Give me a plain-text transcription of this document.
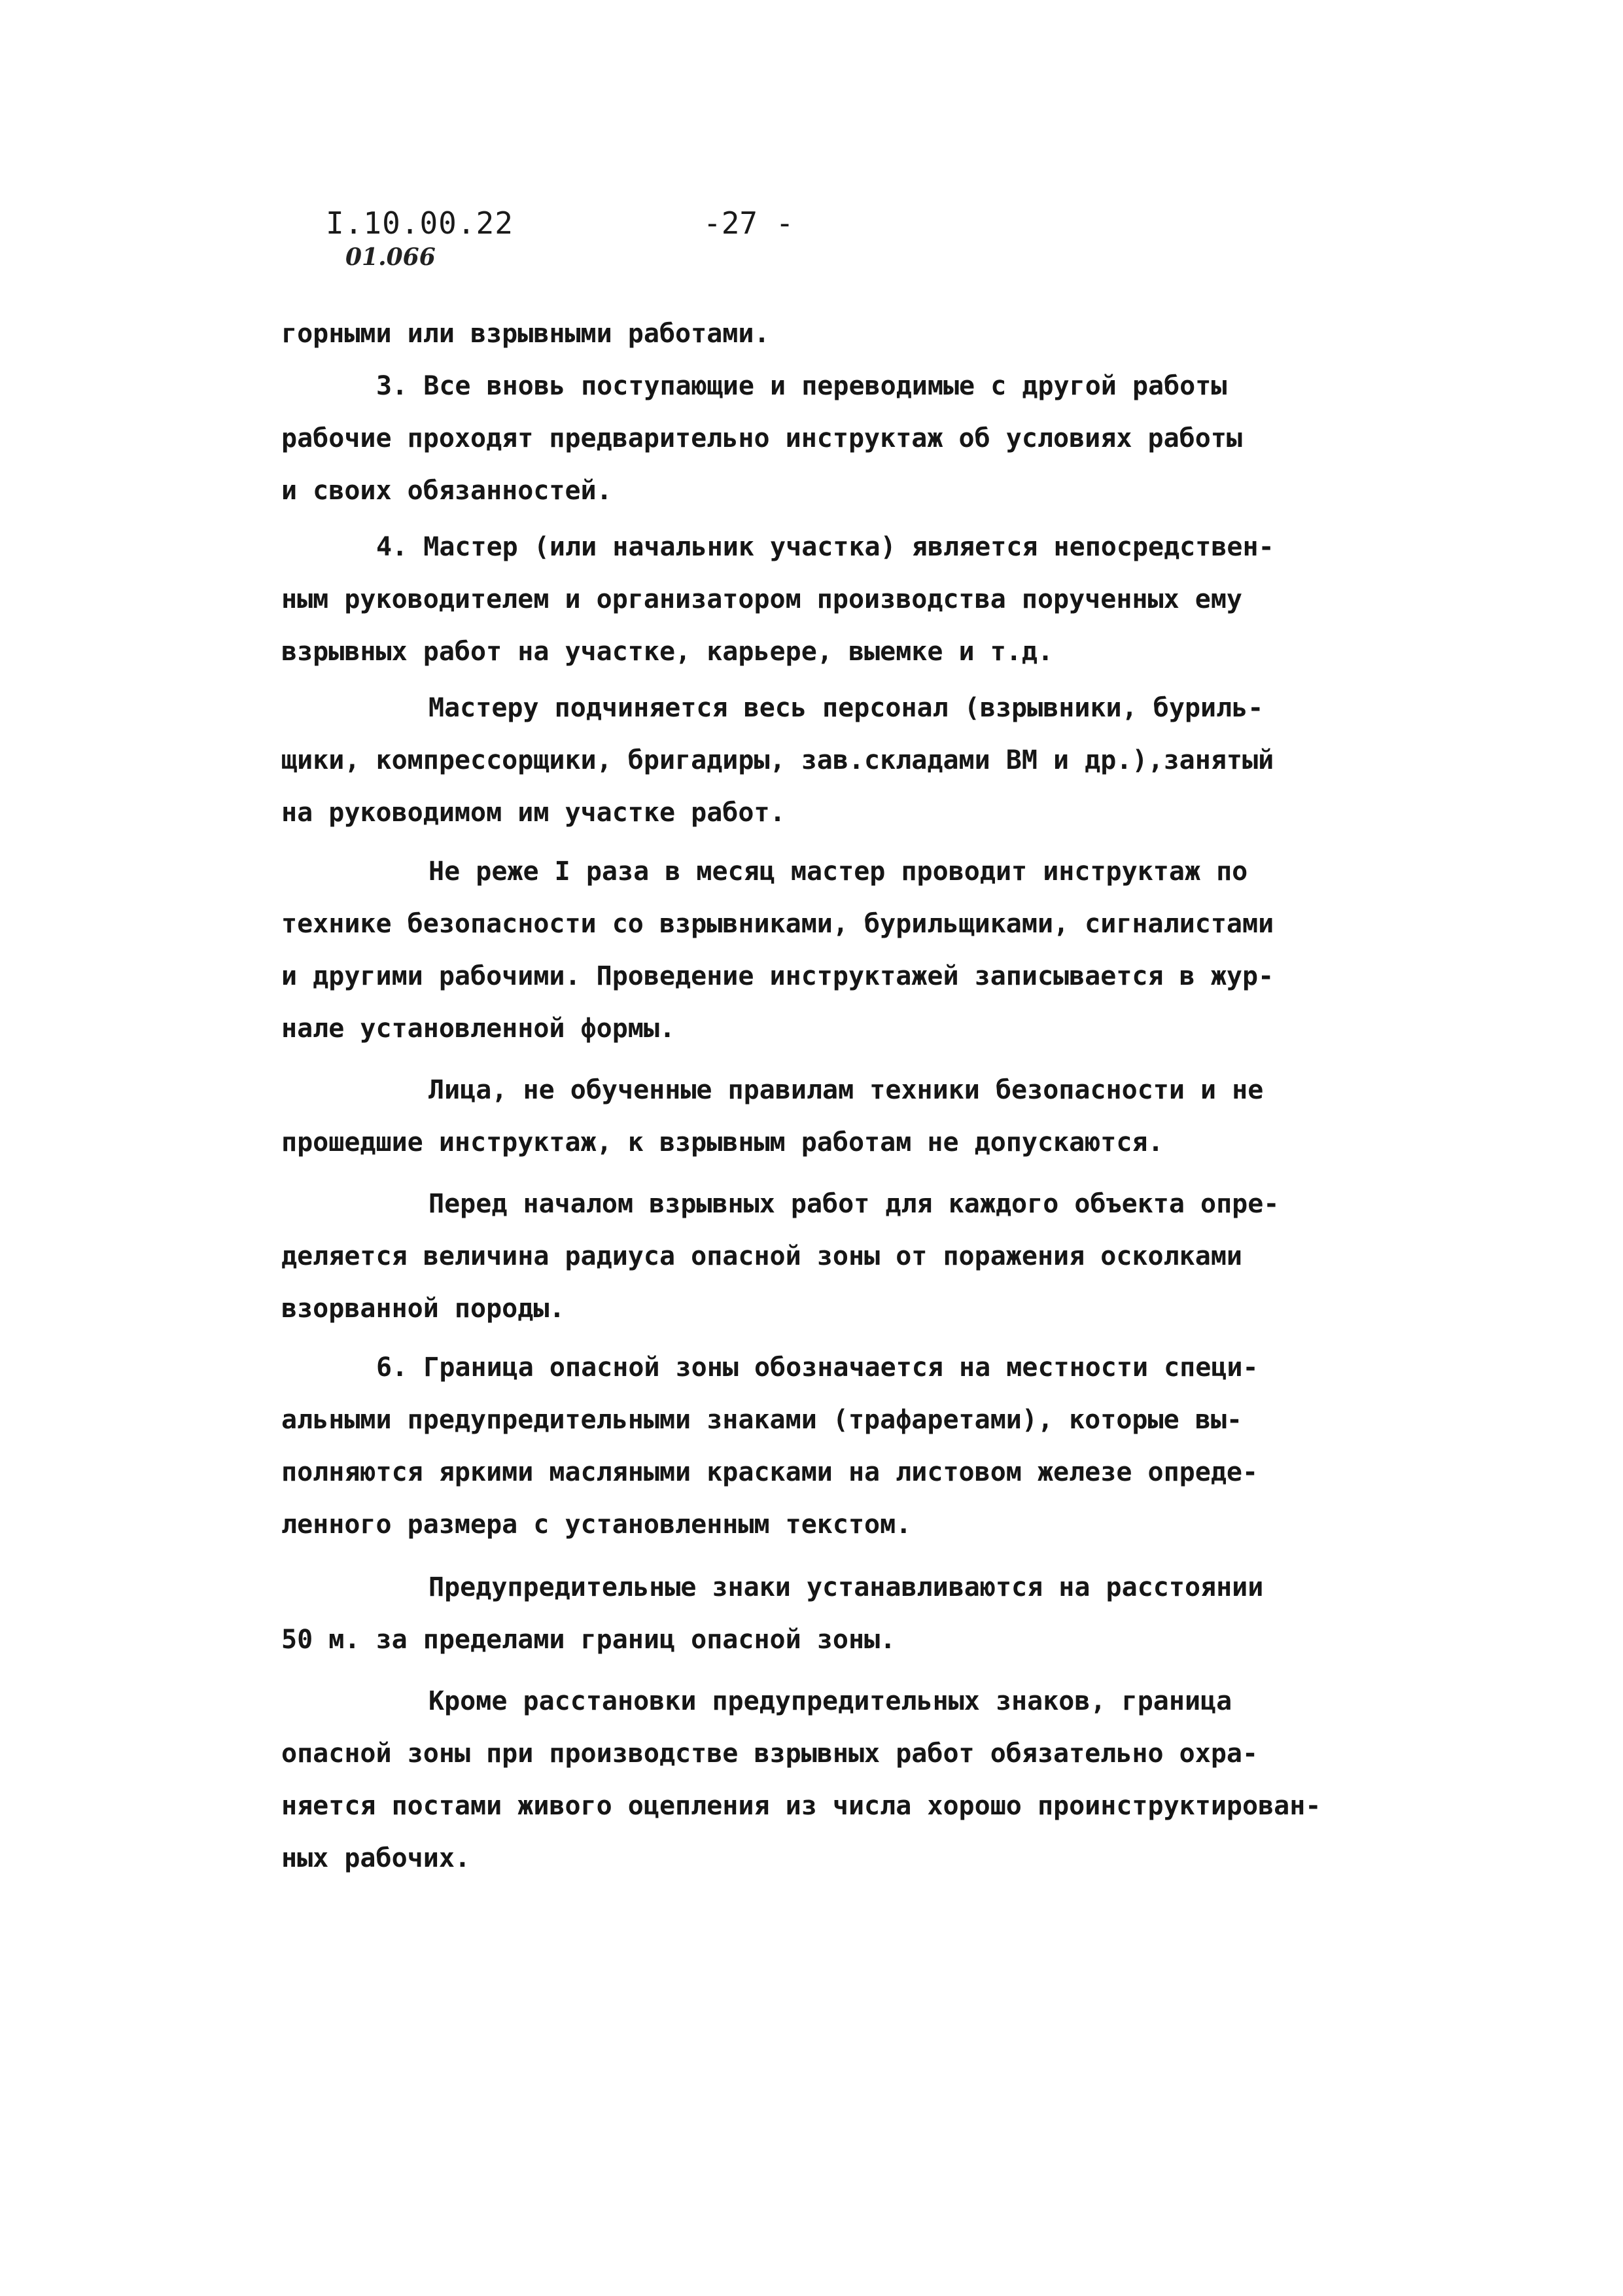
I.10.00.22	-27 -
01.066
горными или взрывными работами.
3. Все вновь поступающие и переводимые с другой работы
рабочие проходят предварительно инструктаж об условиях работы
и своих обязанностей.
4. Мастер (или начальник участка) является непосредствен-
ным руководителем и организатором производства порученных ему
взрывных работ на участке, карьере, выемке и т.д.
Мастеру подчиняется весь персонал (взрывники, буриль-
щики, компрессорщики, бригадиры, зав.складами ВМ и др.),занятый
на руководимом им участке работ.
Не реже I раза в месяц мастер проводит инструктаж по
технике безопасности со взрывниками, бурильщиками, сигналистами
и другими рабочими. Проведение инструктажей записывается в жур-
нале установленной формы.
Лица, не обученные правилам техники безопасности и не
прошедшие инструктаж, к взрывным работам не допускаются.
Перед началом взрывных работ для каждого объекта опре-
деляется величина радиуса опасной зоны от поражения осколками
взорванной породы.
6. Граница опасной зоны обозначается на местности специ-
альными предупредительными знаками (трафаретами), которые вы-
полняются яркими масляными красками на листовом железе опреде-
ленного размера с установленным текстом.
Предупредительные знаки устанавливаются на расстоянии
50 м. за пределами границ опасной зоны.
Кроме расстановки предупредительных знаков, граница
опасной зоны при производстве взрывных работ обязательно охра-
няется постами живого оцепления из числа хорошо проинструктирован-
ных рабочих.
